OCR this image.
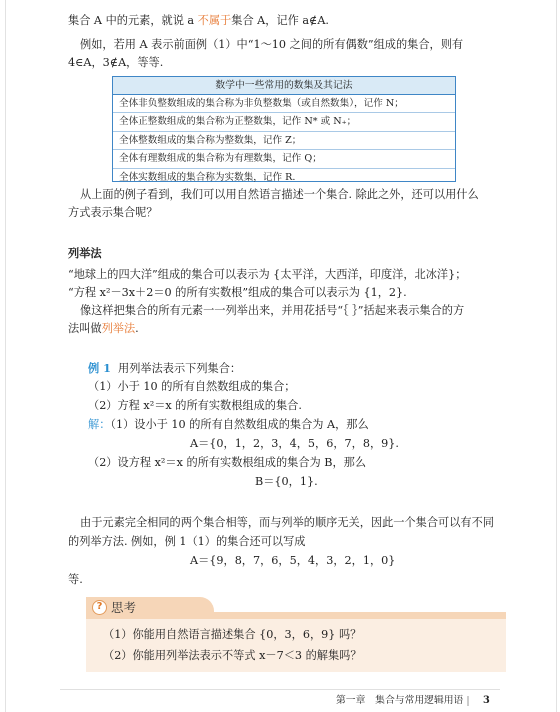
集合 A 中的元素，就说 a 不属于集合 A，记作 a∉A.
例如，若用 A 表示前面例（1）中“1～10 之间的所有偶数”组成的集合，则有
4∈A，3∉A，等等.
数学中一些常用的数集及其记法
全体非负整数组成的集合称为非负整数集（或自然数集），记作 N；
全体正整数组成的集合称为正整数集，记作 N* 或 N₊；
全体整数组成的集合称为整数集，记作 Z；
全体有理数组成的集合称为有理数集，记作 Q；
全体实数组成的集合称为实数集，记作 R.
从上面的例子看到，我们可以用自然语言描述一个集合. 除此之外，还可以用什么
方式表示集合呢？
列举法
“地球上的四大洋”组成的集合可以表示为 {太平洋，大西洋，印度洋，北冰洋}；
“方程 x²－3x＋2＝0 的所有实数根”组成的集合可以表示为 {1，2}.
像这样把集合的所有元素一一列举出来，并用花括号“｛ ｝”括起来表示集合的方
法叫做列举法.
例 1 用列举法表示下列集合：
（1）小于 10 的所有自然数组成的集合；
（2）方程 x²＝x 的所有实数根组成的集合.
解：（1）设小于 10 的所有自然数组成的集合为 A，那么
A＝{0，1，2，3，4，5，6，7，8，9}.
（2）设方程 x²＝x 的所有实数根组成的集合为 B，那么
B＝{0，1}.
由于元素完全相同的两个集合相等，而与列举的顺序无关，因此一个集合可以有不同
的列举方法. 例如，例 1（1）的集合还可以写成
A＝{9，8，7，6，5，4，3，2，1，0}
等.
? 思考
（1）你能用自然语言描述集合 {0，3，6，9} 吗？
（2）你能用列举法表示不等式 x－7＜3 的解集吗？
第一章　集合与常用逻辑用语 3
